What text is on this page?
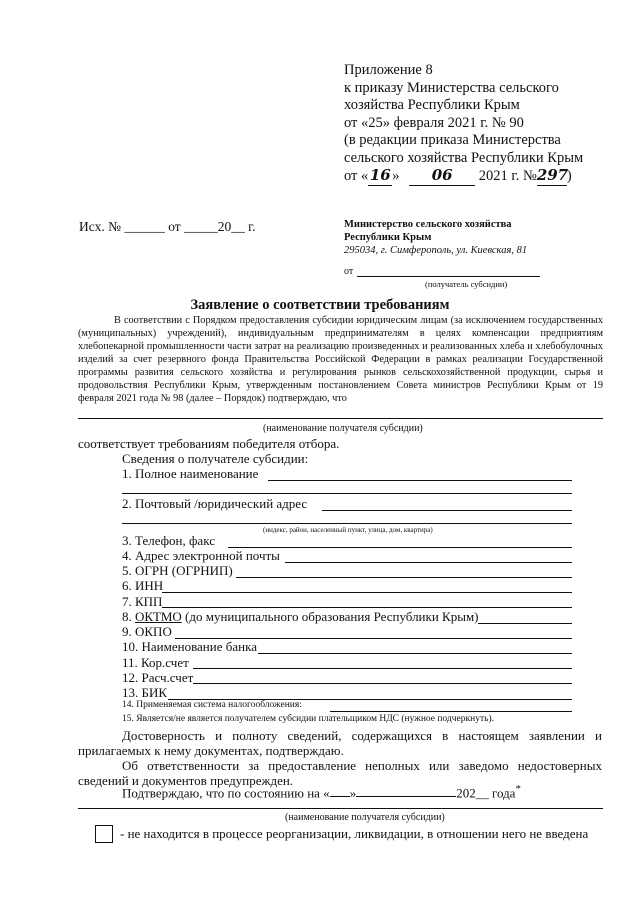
Приложение 8
к приказу Министерства сельского
хозяйства Республики Крым
от «25» февраля 2021 г. № 90
(в редакции приказа Министерства
сельского хозяйства Республики Крым
от « 16 » 06 2021 г. №297)
Исх. № ______ от _____20__ г.	Министерство сельского хозяйства
Республики Крым
295034, г. Симферополь, ул. Киевская, 81
от
(получатель субсидии)
Заявление о соответствии требованиям
В соответствии с Порядком предоставления субсидии юридическим лицам (за исключением государственных (муниципальных) учреждений), индивидуальным предпринимателям в целях компенсации предприятиям хлебопекарной промышленности части затрат на реализацию произведенных и реализованных хлеба и хлебобулочных изделий за счет резервного фонда Правительства Российской Федерации в рамках реализации Государственной программы развития сельского хозяйства и регулирования рынков сельскохозяйственной продукции, сырья и продовольствия Республики Крым, утвержденным постановлением Совета министров Республики Крым от 19 февраля 2021 года № 98 (далее – Порядок) подтверждаю, что
(наименование получателя субсидии)
соответствует требованиям победителя отбора.
Сведения о получателе субсидии:
1. Полное наименование
2. Почтовый /юридический адрес
(индекс, район, населенный пункт, улица, дом, квартира)
3. Телефон, факс
4. Адрес электронной почты
5. ОГРН (ОГРНИП)
6. ИНН
7. КПП
8. ОКТМО (до муниципального образования Республики Крым)
9. ОКПО
10. Наименование банка
11. Кор.счет
12. Расч.счет
13. БИК
14. Применяемая система налогообложения:
15. Является/не является получателем субсидии плательщиком НДС (нужное подчеркнуть).
Достоверность и полноту сведений, содержащихся в настоящем заявлении и прилагаемых к нему документах, подтверждаю.
Об ответственности за предоставление неполных или заведомо недостоверных сведений и документов предупрежден.
Подтверждаю, что по состоянию на « »	202__ года*
(наименование получателя субсидии)
- не находится в процессе реорганизации, ликвидации, в отношении него не введена
